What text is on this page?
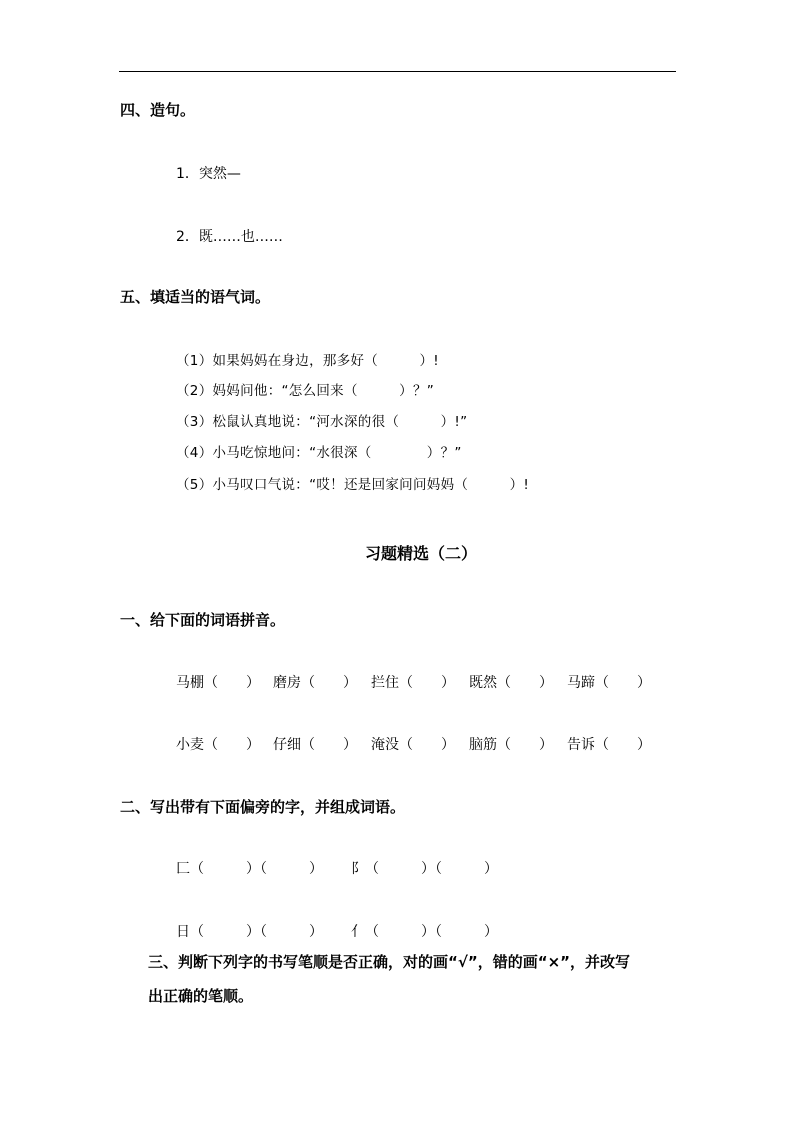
四、造句。
1．突然—
2．既……也……
五、填适当的语气词。
（1）如果妈妈在身边，那多好（　　　）!
（2）妈妈问他：“怎么回来（　　　）？”
（3）松鼠认真地说：“河水深的很（　　　）!”
（4）小马吃惊地问：“水很深（　　　　）？”
（5）小马叹口气说：“哎！还是回家问问妈妈（　　　）!
习题精选（二）
一、给下面的词语拼音。
马棚（　　） 磨房（　　） 拦住（　　） 既然（　　） 马蹄（　　）
小麦（　　） 仔细（　　） 淹没（　　） 脑筋（　　） 告诉（　　）
二、写出带有下面偏旁的字，并组成词语。
匚（　　　）（　　　） 阝（　　　）（　　　）
日（　　　）（　　　） 亻（　　　）（　　　）
三、判断下列字的书写笔顺是否正确，对的画“√”，错的画“×”，并改写
出正确的笔顺。
